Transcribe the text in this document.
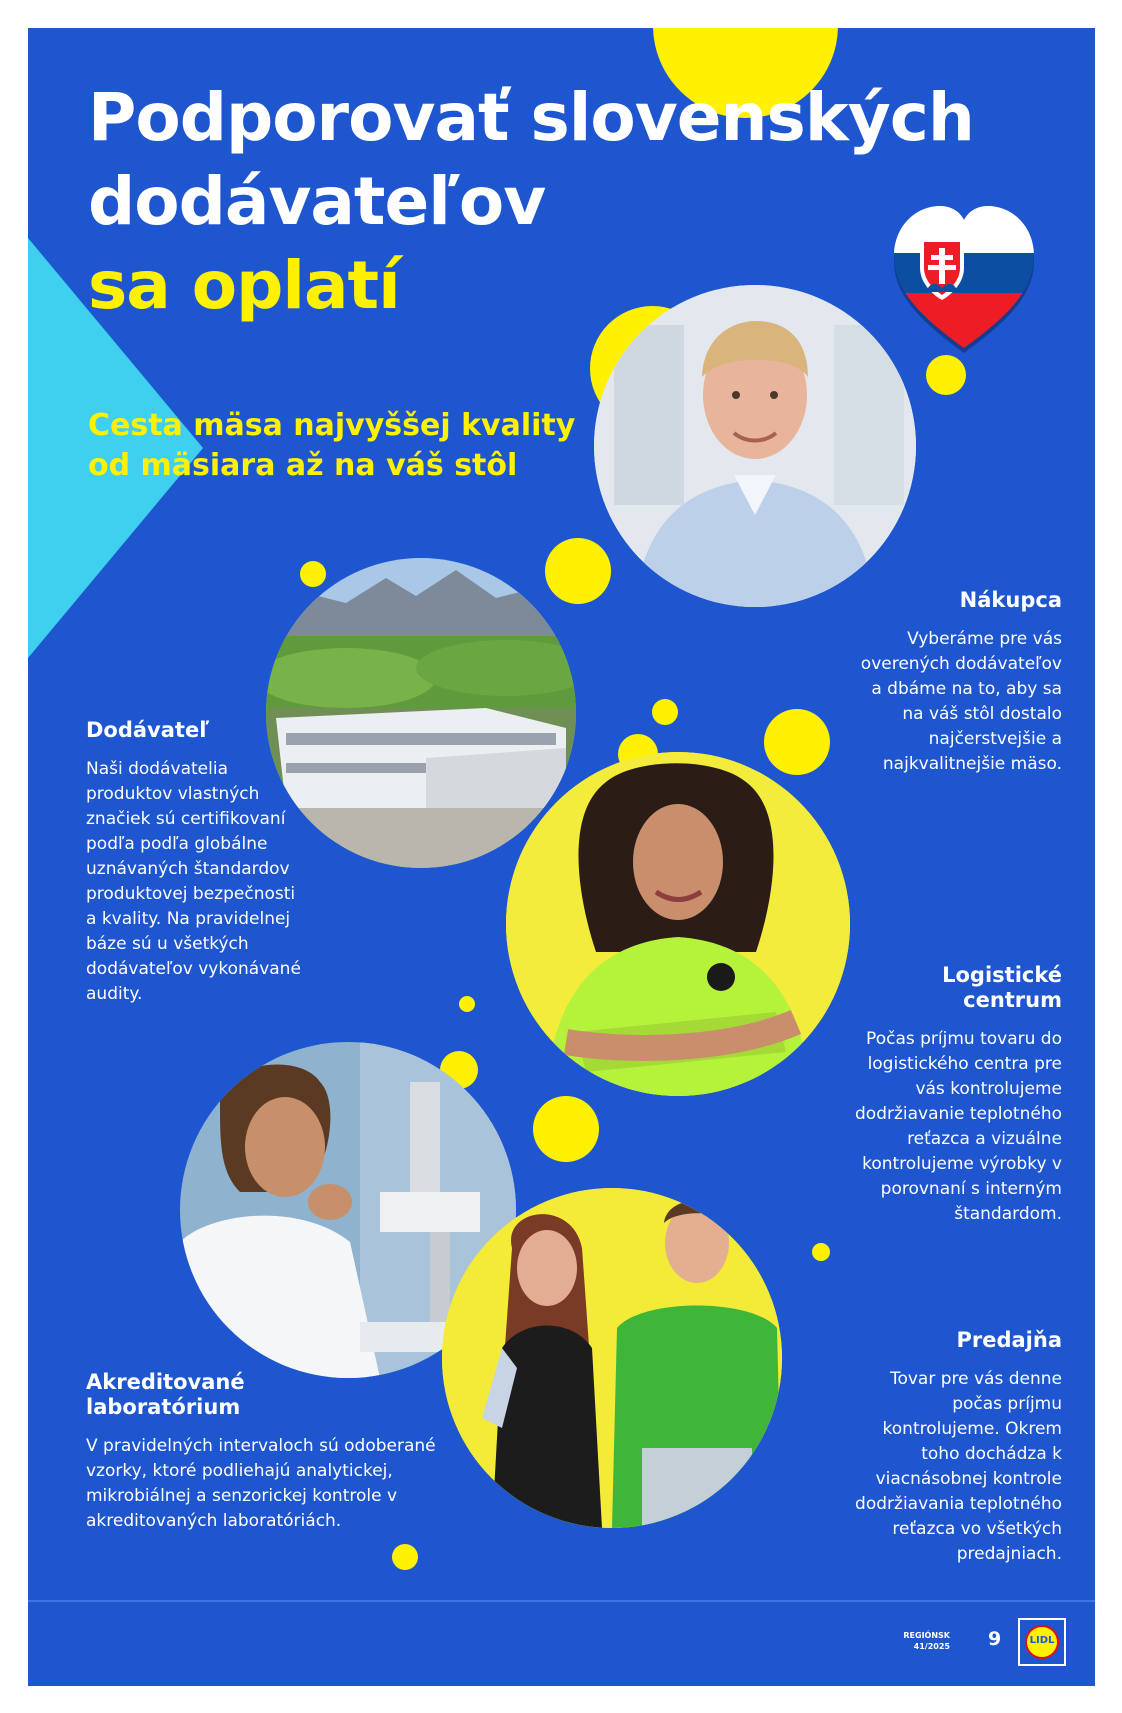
Podporovať slovenských
dodávateľov
sa oplatí

Cesta mäsa najvyššej kvality od mäsiara až na váš stôl

Nákupca

Vyberáme pre vás overených dodávateľov a dbáme na to, aby sa na váš stôl dostalo najčerstvejšie a najkvalitnejšie mäso.

Dodávateľ

Naši dodávatelia produktov vlastných značiek sú certifikovaní podľa podľa globálne uznávaných štandardov produktovej bezpečnosti a kvality. Na pravidelnej báze sú u všetkých dodávateľov vykonávané audity.

Logistické centrum

Počas príjmu tovaru do logistického centra pre vás kontrolujeme dodržiavanie teplotného reťazca a vizuálne kontrolujeme výrobky v porovnaní s interným štandardom.

Predajňa

Tovar pre vás denne počas príjmu kontrolujeme. Okrem toho dochádza k viacnásobnej kontrole dodržiavania teplotného reťazca vo všetkých predajniach.

Akreditované laboratórium

V pravidelných intervaloch sú odoberané vzorky, ktoré podliehajú analytickej, mikrobiálnej a senzorickej kontrole v akreditovaných laboratóriách.

REGIÓNSK
41/2025 9	LIDL
